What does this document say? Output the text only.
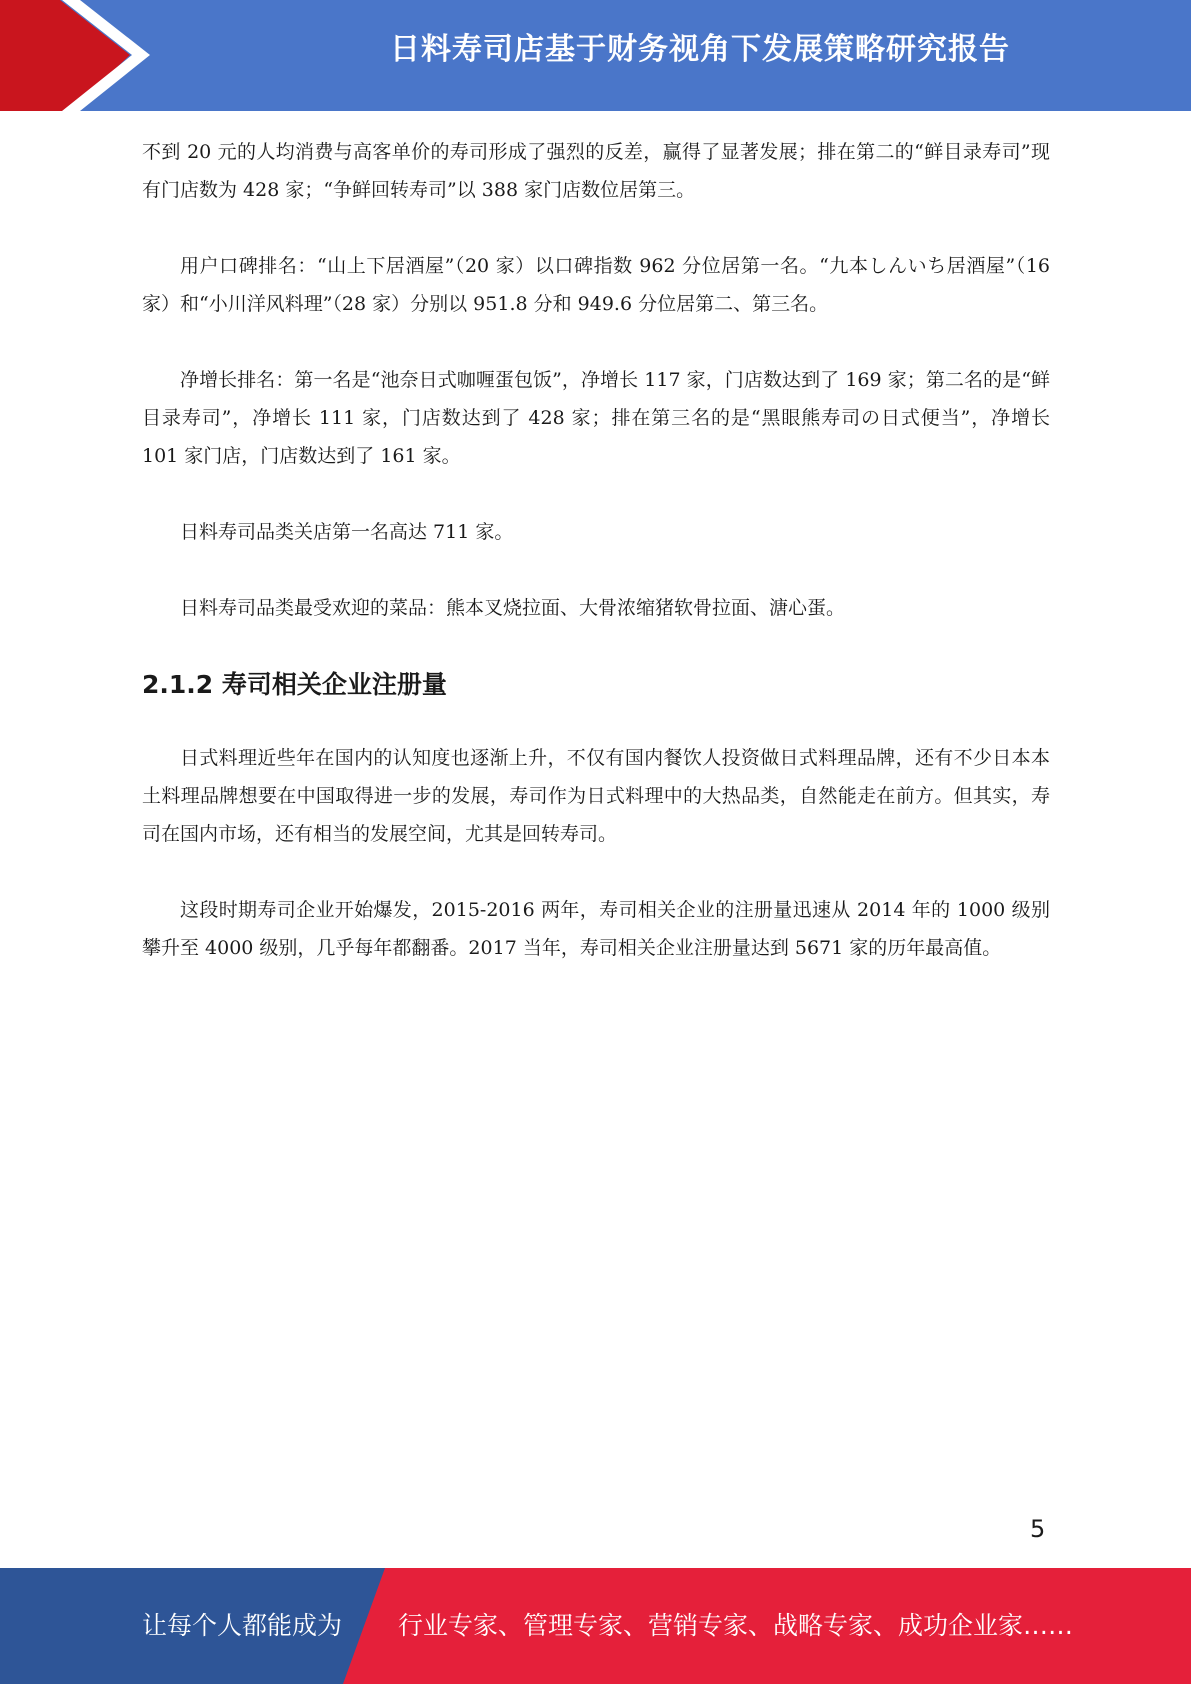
日料寿司店基于财务视角下发展策略研究报告

不到 20 元的人均消费与高客单价的寿司形成了强烈的反差，赢得了显著发展；排在第二的“鲜目录寿司”现有门店数为 428 家；“争鲜回转寿司”以 388 家门店数位居第三。

用户口碑排名：“山上下居酒屋”（20 家）以口碑指数 962 分位居第一名。“九本しんいち居酒屋”（16 家）和“小川洋风料理”（28 家）分别以 951.8 分和 949.6 分位居第二、第三名。

净增长排名：第一名是“池奈日式咖喱蛋包饭”，净增长 117 家，门店数达到了 169 家；第二名的是“鲜目录寿司”，净增长 111 家，门店数达到了 428 家；排在第三名的是“黑眼熊寿司の日式便当”，净增长 101 家门店，门店数达到了 161 家。

日料寿司品类关店第一名高达 711 家。

日料寿司品类最受欢迎的菜品：熊本叉烧拉面、大骨浓缩猪软骨拉面、溏心蛋。

2.1.2 寿司相关企业注册量

日式料理近些年在国内的认知度也逐渐上升，不仅有国内餐饮人投资做日式料理品牌，还有不少日本本土料理品牌想要在中国取得进一步的发展，寿司作为日式料理中的大热品类，自然能走在前方。但其实，寿司在国内市场，还有相当的发展空间，尤其是回转寿司。

这段时期寿司企业开始爆发，2015-2016 两年，寿司相关企业的注册量迅速从 2014 年的 1000 级别攀升至 4000 级别，几乎每年都翻番。2017 当年，寿司相关企业注册量达到 5671 家的历年最高值。

5
让每个人都能成为 行业专家、管理专家、营销专家、战略专家、成功企业家……
